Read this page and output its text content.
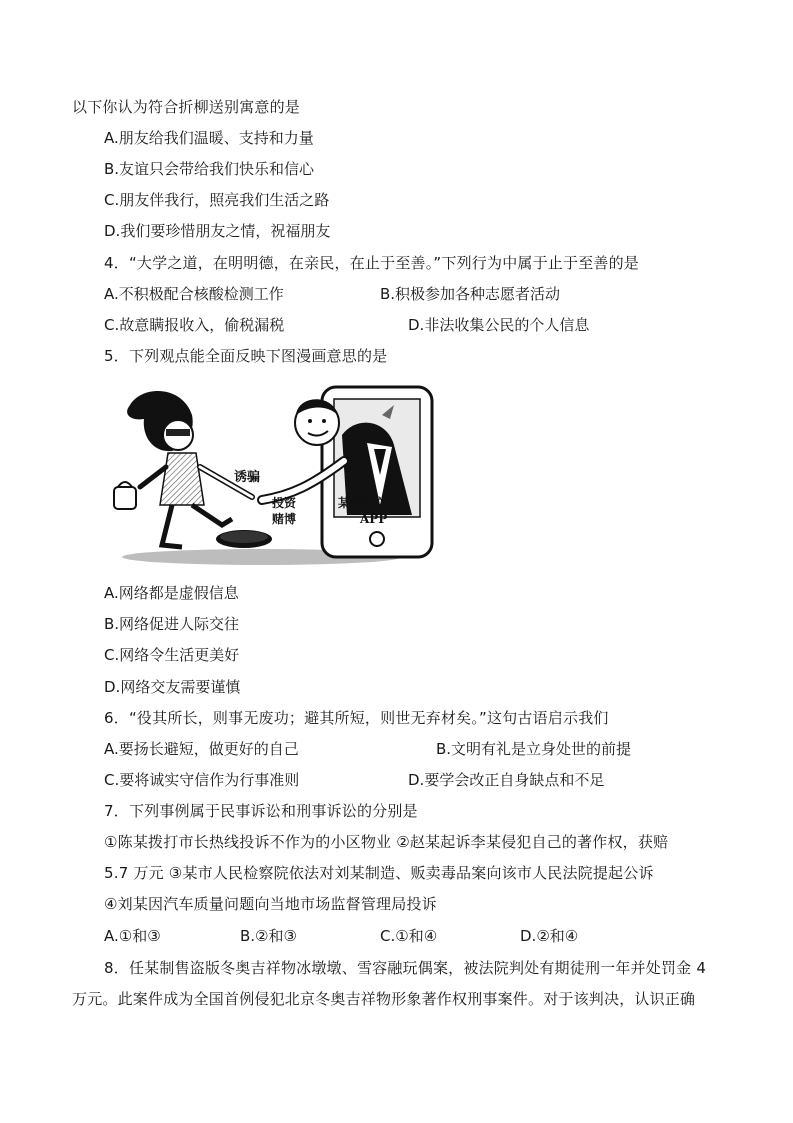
以下你认为符合折柳送别寓意的是
A.朋友给我们温暖、支持和力量
B.友谊只会带给我们快乐和信心
C.朋友伴我行，照亮我们生活之路
D.我们要珍惜朋友之情，祝福朋友
4．“大学之道，在明明德，在亲民，在止于至善。”下列行为中属于止于至善的是
A.不积极配合核酸检测工作	B.积极参加各种志愿者活动
C.故意瞒报收入，偷税漏税	D.非法收集公民的个人信息
5．下列观点能全面反映下图漫画意思的是
诱骗
投资
赌博
某网络交友
APP
A.网络都是虚假信息
B.网络促进人际交往
C.网络令生活更美好
D.网络交友需要谨慎
6．“役其所长，则事无废功；避其所短，则世无弃材矣。”这句古语启示我们
A.要扬长避短，做更好的自己	B.文明有礼是立身处世的前提
C.要将诚实守信作为行事准则	D.要学会改正自身缺点和不足
7．下列事例属于民事诉讼和刑事诉讼的分别是
①陈某拨打市长热线投诉不作为的小区物业 ②赵某起诉李某侵犯自己的著作权，获赔
5.7 万元 ③某市人民检察院依法对刘某制造、贩卖毒品案向该市人民法院提起公诉
④刘某因汽车质量问题向当地市场监督管理局投诉
A.①和③	B.②和③	C.①和④	D.②和④
8．任某制售盗版冬奥吉祥物冰墩墩、雪容融玩偶案，被法院判处有期徒刑一年并处罚金 4
万元。此案件成为全国首例侵犯北京冬奥吉祥物形象著作权刑事案件。对于该判决，认识正确
